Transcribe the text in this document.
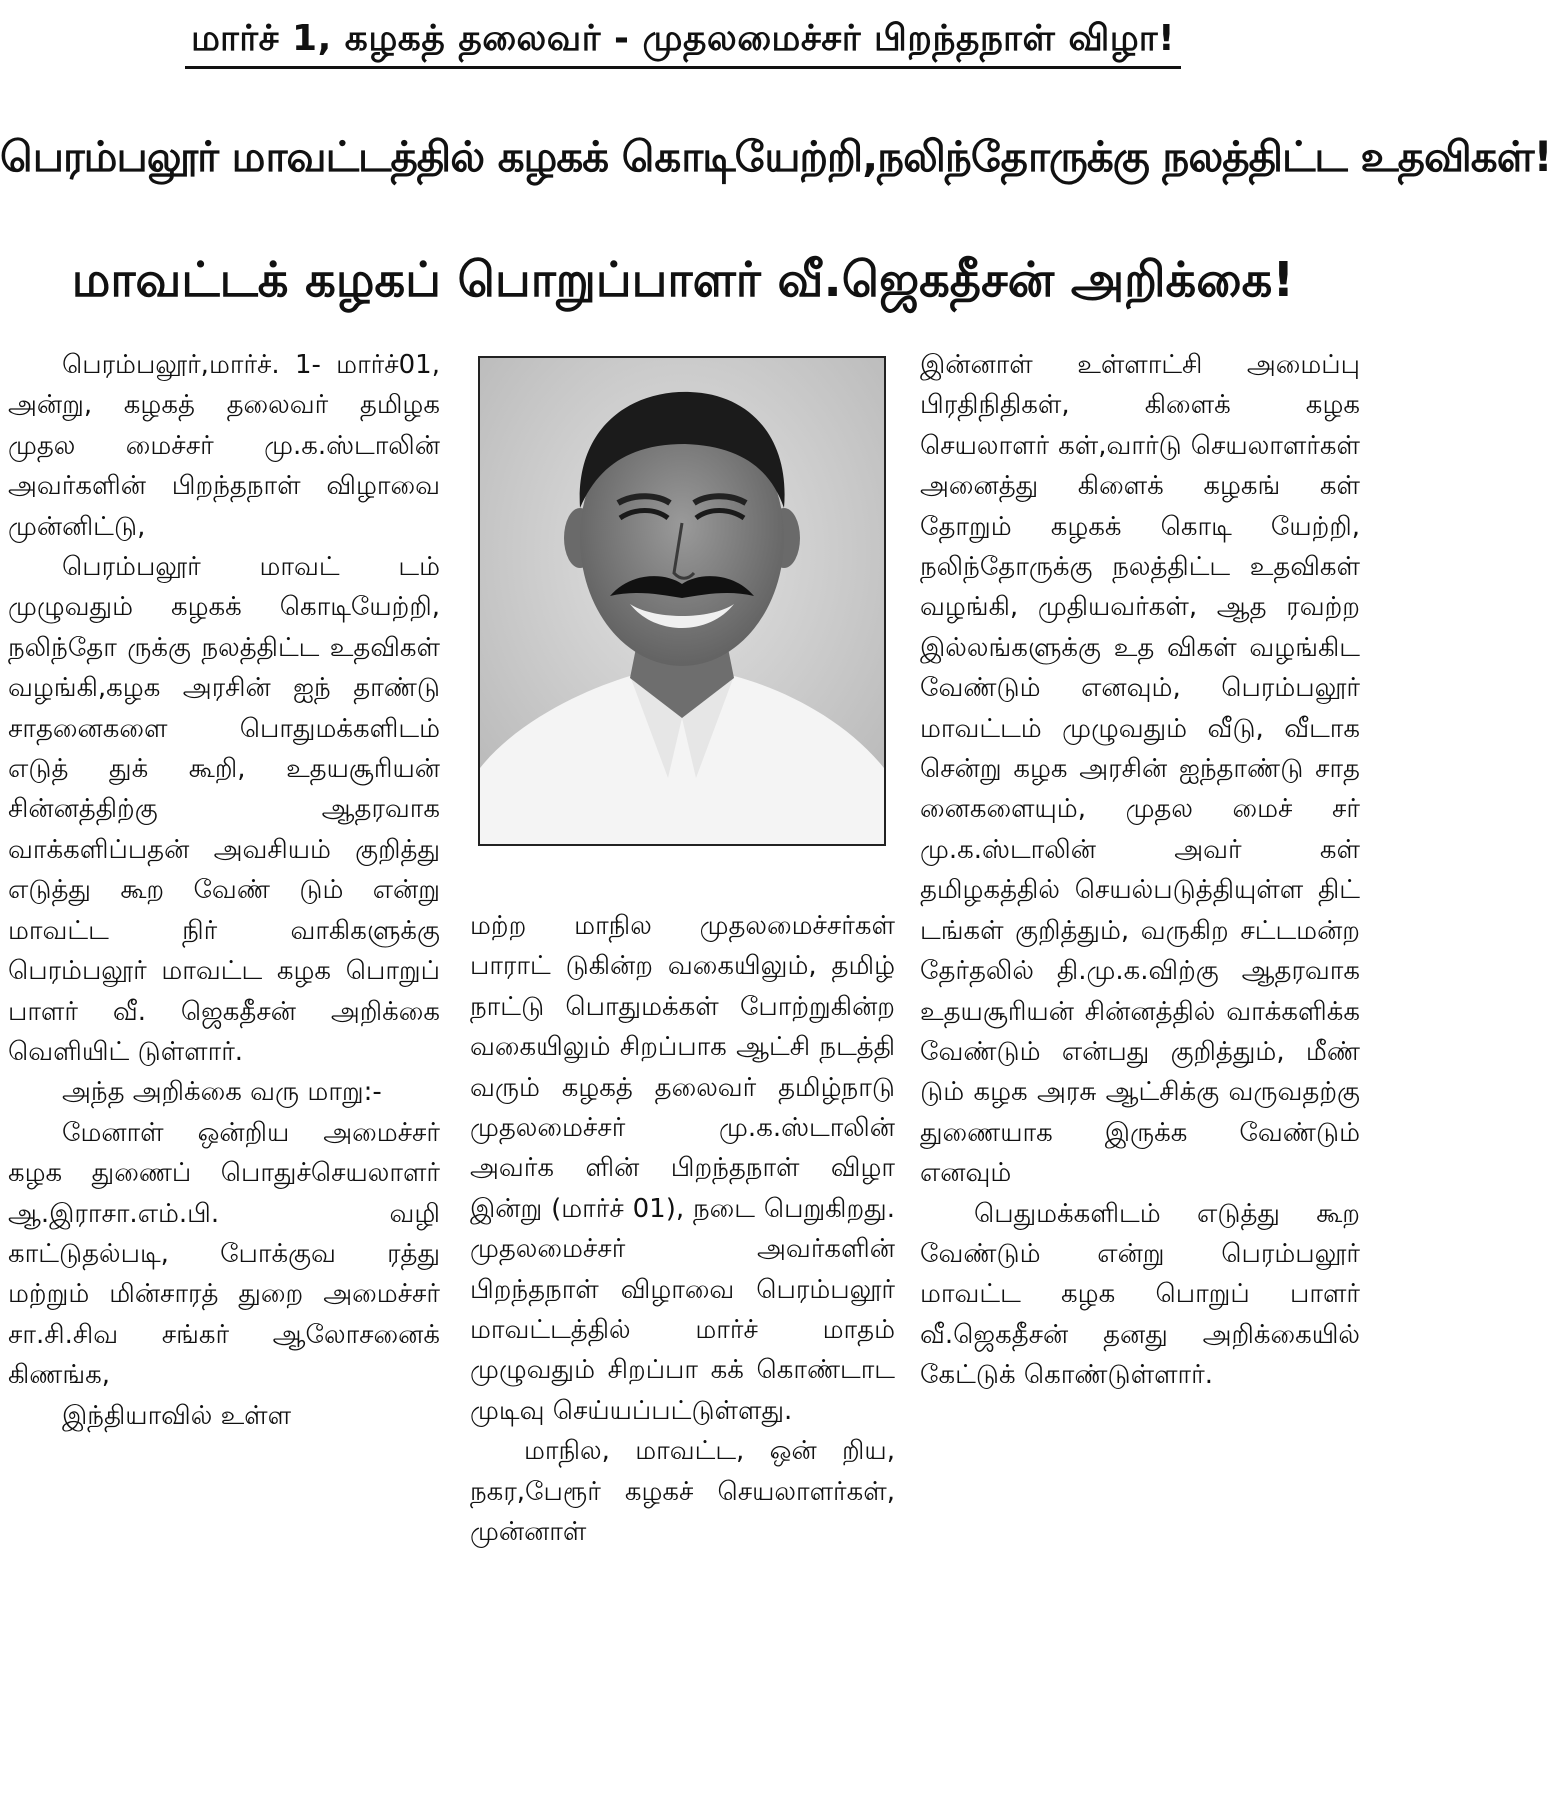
மார்ச் 1, கழகத் தலைவர் - முதலமைச்சர் பிறந்தநாள் விழா!
பெரம்பலூர் மாவட்டத்தில் கழகக் கொடியேற்றி,நலிந்தோருக்கு நலத்திட்ட உதவிகள்!
மாவட்டக் கழகப் பொறுப்பாளர் வீ.ஜெகதீசன் அறிக்கை!

பெரம்பலூர்,மார்ச். 1- மார்ச்01, அன்று, கழகத் தலைவர் தமிழக முதல மைச்சர் மு.க.ஸ்டாலின் அவர்களின் பிறந்தநாள் விழாவை முன்னிட்டு,

பெரம்பலூர் மாவட் டம் முழுவதும் கழகக் கொடியேற்றி, நலிந்தோ ருக்கு நலத்திட்ட உதவிகள் வழங்கி,கழக அரசின் ஐந் தாண்டு சாதனைகளை பொதுமக்களிடம் எடுத் துக் கூறி, உதயசூரியன் சின்னத்திற்கு ஆதரவாக வாக்களிப்பதன் அவசியம் குறித்து எடுத்து கூற வேண் டும் என்று மாவட்ட நிர் வாகிகளுக்கு பெரம்பலூர் மாவட்ட கழக பொறுப் பாளர் வீ. ஜெகதீசன் அறிக்கை வெளியிட் டுள்ளார்.

அந்த அறிக்கை வரு மாறு:-

மேனாள் ஒன்றிய அமைச்சர் கழக துணைப் பொதுச்செயலாளர் ஆ.இராசா.எம்.பி. வழி காட்டுதல்படி, போக்குவ ரத்து மற்றும் மின்சாரத் துறை அமைச்சர் சா.சி.சிவ சங்கர் ஆலோசனைக் கிணங்க,

இந்தியாவில் உள்ள

மற்ற மாநில முதலமைச்சர்கள் பாராட் டுகின்ற வகையிலும், தமிழ் நாட்டு பொதுமக்கள் போற்றுகின்ற வகையிலும் சிறப்பாக ஆட்சி நடத்தி வரும் கழகத் தலைவர் தமிழ்நாடு முதலமைச்சர் மு.க.ஸ்டாலின் அவர்க ளின் பிறந்தநாள் விழா இன்று (மார்ச் 01), நடை பெறுகிறது. முதலமைச்சர் அவர்களின் பிறந்தநாள் விழாவை பெரம்பலூர் மாவட்டத்தில் மார்ச் மாதம் முழுவதும் சிறப்பா கக் கொண்டாட முடிவு செய்யப்பட்டுள்ளது.

மாநில, மாவட்ட, ஒன் றிய, நகர,பேரூர் கழகச் செயலாளர்கள், முன்னாள்

இன்னாள் உள்ளாட்சி அமைப்பு பிரதிநிதிகள், கிளைக் கழக செயலாளர் கள்,வார்டு செயலாளர்கள் அனைத்து கிளைக் கழகங் கள் தோறும் கழகக் கொடி யேற்றி, நலிந்தோருக்கு நலத்திட்ட உதவிகள் வழங்கி, முதியவர்கள், ஆத ரவற்ற இல்லங்களுக்கு உத விகள் வழங்கிட வேண்டும் எனவும், பெரம்பலூர் மாவட்டம் முழுவதும் வீடு, வீடாக சென்று கழக அரசின் ஐந்தாண்டு சாத னைகளையும், முதல மைச் சர் மு.க.ஸ்டாலின் அவர் கள் தமிழகத்தில் செயல்படுத்தியுள்ள திட் டங்கள் குறித்தும், வருகிற சட்டமன்ற தேர்தலில் தி.மு.க.விற்கு ஆதரவாக உதயசூரியன் சின்னத்தில் வாக்களிக்க வேண்டும் என்பது குறித்தும், மீண் டும் கழக அரசு ஆட்சிக்கு வருவதற்கு துணையாக இருக்க வேண்டும் எனவும்

பெதுமக்களிடம் எடுத்து கூற வேண்டும் என்று பெரம்பலூர் மாவட்ட கழக பொறுப் பாளர் வீ.ஜெகதீசன் தனது அறிக்கையில் கேட்டுக் கொண்டுள்ளார்.
